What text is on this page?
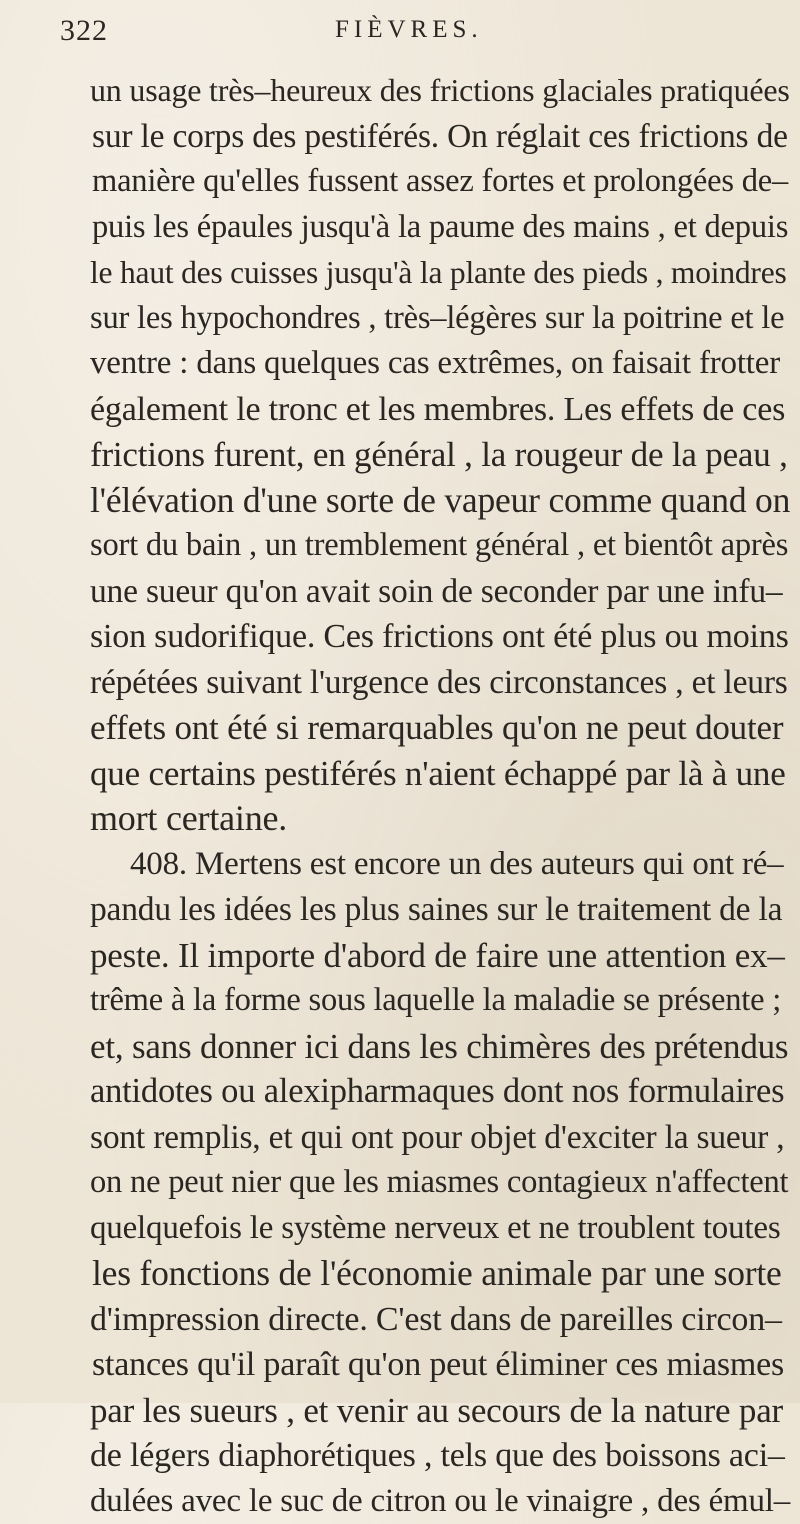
322	FIÈVRES.
un usage très–heureux des frictions glaciales pratiquées
sur le corps des pestiférés. On réglait ces frictions de
manière qu'elles fussent assez fortes et prolongées de–
puis les épaules jusqu'à la paume des mains , et depuis
le haut des cuisses jusqu'à la plante des pieds , moindres
sur les hypochondres , très–légères sur la poitrine et le
ventre : dans quelques cas extrêmes, on faisait frotter
également le tronc et les membres. Les effets de ces
frictions furent, en général , la rougeur de la peau ,
l'élévation d'une sorte de vapeur comme quand on
sort du bain , un tremblement général , et bientôt après
une sueur qu'on avait soin de seconder par une infu–
sion sudorifique. Ces frictions ont été plus ou moins
répétées suivant l'urgence des circonstances , et leurs
effets ont été si remarquables qu'on ne peut douter
que certains pestiférés n'aient échappé par là à une
mort certaine.
408. Mertens est encore un des auteurs qui ont ré–
pandu les idées les plus saines sur le traitement de la
peste. Il importe d'abord de faire une attention ex–
trême à la forme sous laquelle la maladie se présente ;
et, sans donner ici dans les chimères des prétendus
antidotes ou alexipharmaques dont nos formulaires
sont remplis, et qui ont pour objet d'exciter la sueur ,
on ne peut nier que les miasmes contagieux n'affectent
quelquefois le système nerveux et ne troublent toutes
les fonctions de l'économie animale par une sorte
d'impression directe. C'est dans de pareilles circon–
stances qu'il paraît qu'on peut éliminer ces miasmes
par les sueurs , et venir au secours de la nature par
de légers diaphorétiques , tels que des boissons aci–
dulées avec le suc de citron ou le vinaigre , des émul–
